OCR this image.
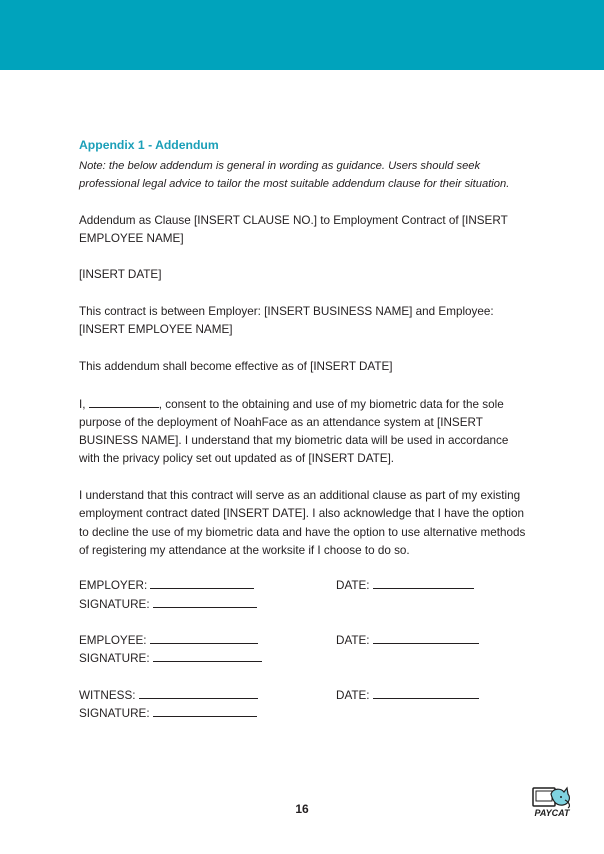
Appendix 1 - Addendum
Note: the below addendum is general in wording as guidance. Users should seek professional legal advice to tailor the most suitable addendum clause for their situation.
Addendum as Clause [INSERT CLAUSE NO.] to Employment Contract of [INSERT EMPLOYEE NAME]
[INSERT DATE]
This contract is between Employer: [INSERT BUSINESS NAME] and Employee: [INSERT EMPLOYEE NAME]
This addendum shall become effective as of [INSERT DATE]
I,	, consent to the obtaining and use of my biometric data for the sole purpose of the deployment of NoahFace as an attendance system at [INSERT BUSINESS NAME]. I understand that my biometric data will be used in accordance with the privacy policy set out updated as of [INSERT DATE].
I understand that this contract will serve as an additional clause as part of my existing employment contract dated [INSERT DATE]. I also acknowledge that I have the option to decline the use of my biometric data and have the option to use alternative methods of registering my attendance at the worksite if I choose to do so.
EMPLOYER:	DATE:
SIGNATURE:
EMPLOYEE:	DATE:
SIGNATURE:
WITNESS:	DATE:
SIGNATURE:
16	PAYCAT
